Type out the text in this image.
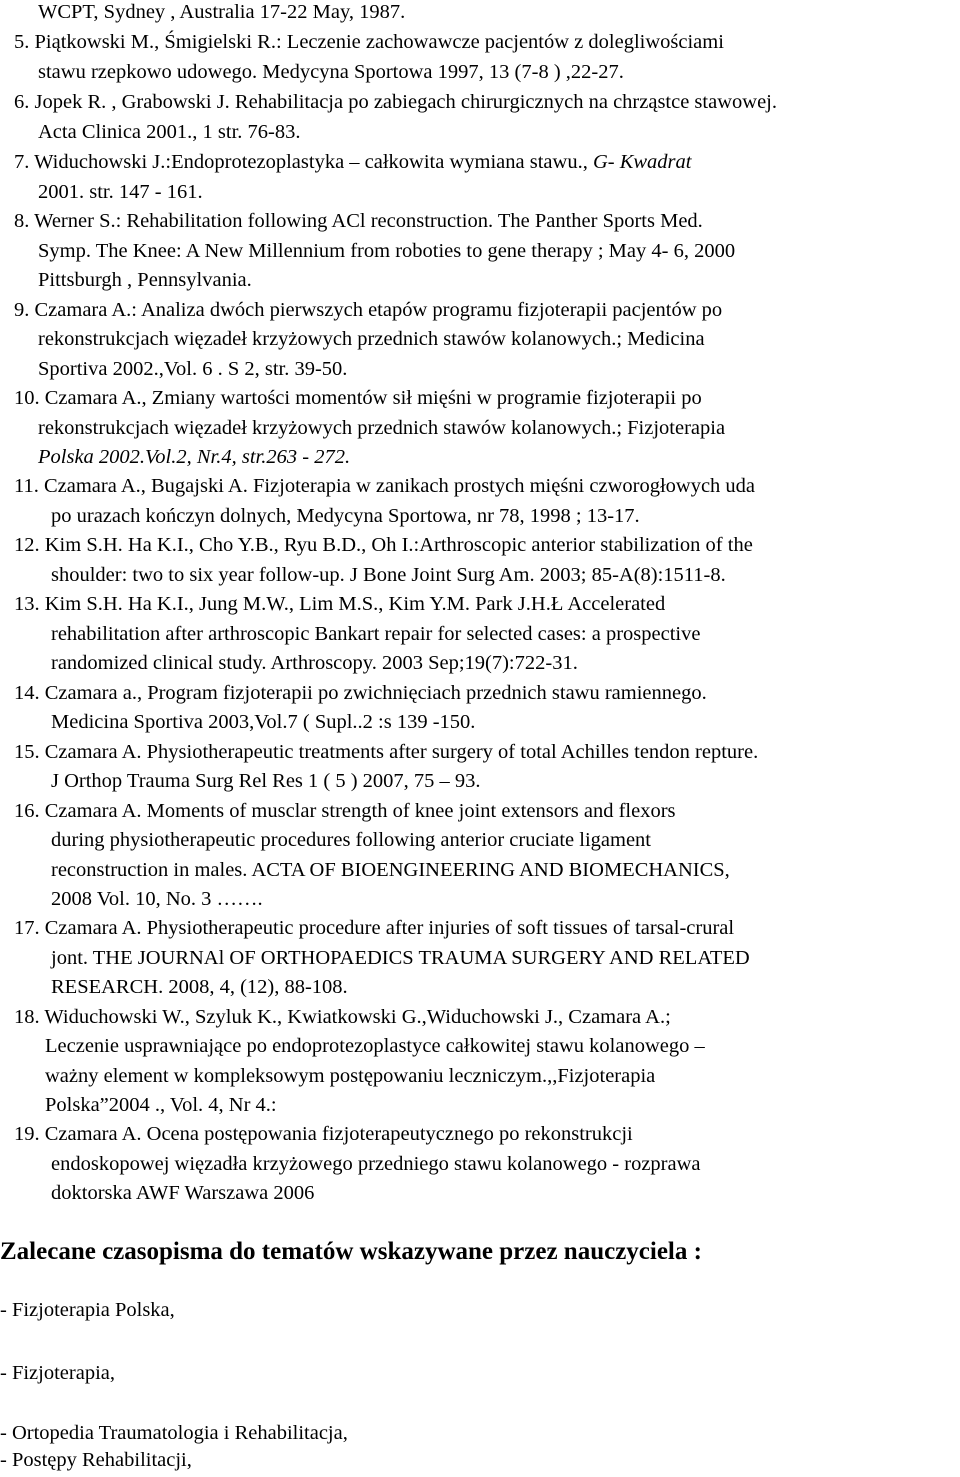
WCPT, Sydney , Australia 17-22 May, 1987.
5. Piątkowski M., Śmigielski R.: Leczenie zachowawcze pacjentów z dolegliwościami
stawu rzepkowo udowego. Medycyna Sportowa 1997, 13 (7-8 ) ,22-27.
6. Jopek R. , Grabowski J. Rehabilitacja po zabiegach chirurgicznych na chrząstce stawowej.
Acta Clinica 2001., 1 str. 76-83.
7. Widuchowski J.:Endoprotezoplastyka – całkowita wymiana stawu., G- Kwadrat
2001. str. 147 - 161.
8. Werner S.: Rehabilitation following ACl reconstruction. The Panther Sports Med.
Symp. The Knee: A New Millennium from roboties to gene therapy ; May 4- 6, 2000
Pittsburgh , Pennsylvania.
9. Czamara A.: Analiza dwóch pierwszych etapów programu fizjoterapii pacjentów po
rekonstrukcjach więzadeł krzyżowych przednich stawów kolanowych.; Medicina
Sportiva 2002.,Vol. 6 . S 2, str. 39-50.
10. Czamara A., Zmiany wartości momentów sił mięśni w programie fizjoterapii po
rekonstrukcjach więzadeł krzyżowych przednich stawów kolanowych.; Fizjoterapia
Polska 2002.Vol.2, Nr.4, str.263 - 272.
11. Czamara A., Bugajski A. Fizjoterapia w zanikach prostych mięśni czworogłowych uda
po urazach kończyn dolnych, Medycyna Sportowa, nr 78, 1998 ; 13-17.
12. Kim S.H. Ha K.I., Cho Y.B., Ryu B.D., Oh I.:Arthroscopic anterior stabilization of the
shoulder: two to six year follow-up. J Bone Joint Surg Am. 2003; 85-A(8):1511-8.
13. Kim S.H. Ha K.I., Jung M.W., Lim M.S., Kim Y.M. Park J.H.Ł Accelerated
rehabilitation after arthroscopic Bankart repair for selected cases: a prospective
randomized clinical study. Arthroscopy. 2003 Sep;19(7):722-31.
14. Czamara a., Program fizjoterapii po zwichnięciach przednich stawu ramiennego.
Medicina Sportiva 2003,Vol.7 ( Supl..2 :s 139 -150.
15. Czamara A. Physiotherapeutic treatments after surgery of total Achilles tendon repture.
J Orthop Trauma Surg Rel Res 1 ( 5 ) 2007, 75 – 93.
16. Czamara A. Moments of musclar strength of knee joint extensors and flexors
during physiotherapeutic procedures following anterior cruciate ligament
reconstruction in males. ACTA OF BIOENGINEERING AND BIOMECHANICS,
2008 Vol. 10, No. 3 …….
17. Czamara A. Physiotherapeutic procedure after injuries of soft tissues of tarsal-crural
jont. THE JOURNAl OF ORTHOPAEDICS TRAUMA SURGERY AND RELATED
RESEARCH. 2008, 4, (12), 88-108.
18. Widuchowski W., Szyluk K., Kwiatkowski G.,Widuchowski J., Czamara A.;
Leczenie usprawniające po endoprotezoplastyce całkowitej stawu kolanowego –
ważny element w kompleksowym postępowaniu leczniczym.,,Fizjoterapia
Polska”2004 ., Vol. 4, Nr 4.:
19. Czamara A. Ocena postępowania fizjoterapeutycznego po rekonstrukcji
endoskopowej więzadła krzyżowego przedniego stawu kolanowego - rozprawa
doktorska AWF Warszawa 2006
Zalecane czasopisma do tematów wskazywane przez nauczyciela :
- Fizjoterapia Polska,
- Fizjoterapia,
- Ortopedia Traumatologia i Rehabilitacja,
- Postępy Rehabilitacji,
